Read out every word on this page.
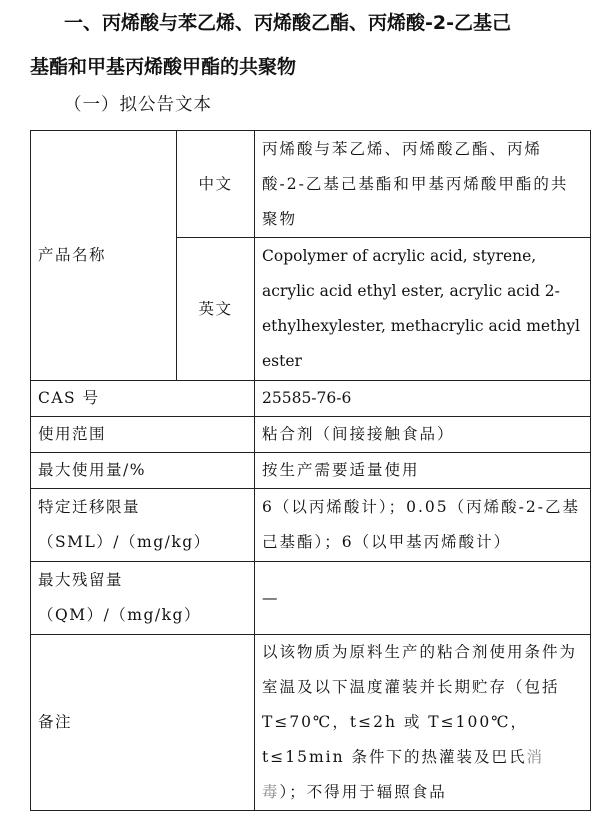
一、丙烯酸与苯乙烯、丙烯酸乙酯、丙烯酸-2-乙基己
基酯和甲基丙烯酸甲酯的共聚物
（一）拟公告文本
产品名称	中文	丙烯酸与苯乙烯、丙烯酸乙酯、丙烯酸-2-乙基己基酯和甲基丙烯酸甲酯的共聚物
	英文	Copolymer of acrylic acid, styrene, acrylic acid ethyl ester, acrylic acid 2-ethylhexylester, methacrylic acid methyl ester
CAS 号		25585-76-6
使用范围		粘合剂（间接接触食品）
最大使用量/%		按生产需要适量使用

特定迁移限量
（SML）/（mg/kg）		6（以丙烯酸计）；0.05（丙烯酸-2-乙基己基酯）；6（以甲基丙烯酸计）

最大残留量
（QM）/（mg/kg）		—
备注		以该物质为原料生产的粘合剂使用条件为室温及以下温度灌装并长期贮存（包括 T≤70℃，t≤2h 或 T≤100℃，t≤15min 条件下的热灌装及巴氏消毒）；不得用于辐照食品
